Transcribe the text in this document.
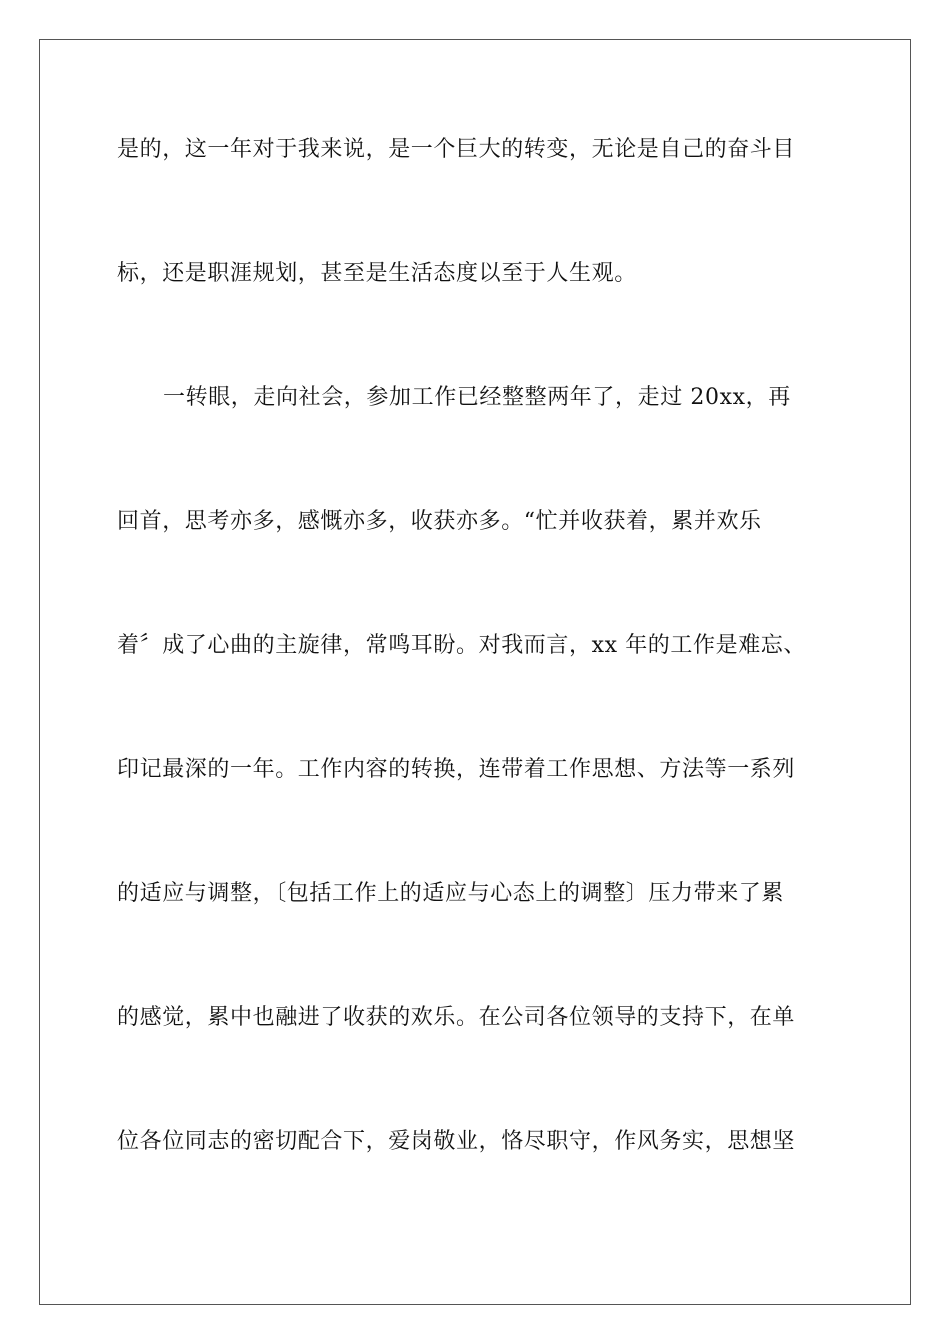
是的，这一年对于我来说，是一个巨大的转变，无论是自己的奋斗目
标，还是职涯规划，甚至是生活态度以至于人生观。
一转眼，走向社会，参加工作已经整整两年了，走过 20xx，再
回首，思考亦多，感慨亦多，收获亦多。“忙并收获着，累并欢乐
着〞成了心曲的主旋律，常鸣耳盼。对我而言，xx 年的工作是难忘、
印记最深的一年。工作内容的转换，连带着工作思想、方法等一系列
的适应与调整，〔包括工作上的适应与心态上的调整〕压力带来了累
的感觉，累中也融进了收获的欢乐。在公司各位领导的支持下，在单
位各位同志的密切配合下，爱岗敬业，恪尽职守，作风务实，思想坚
